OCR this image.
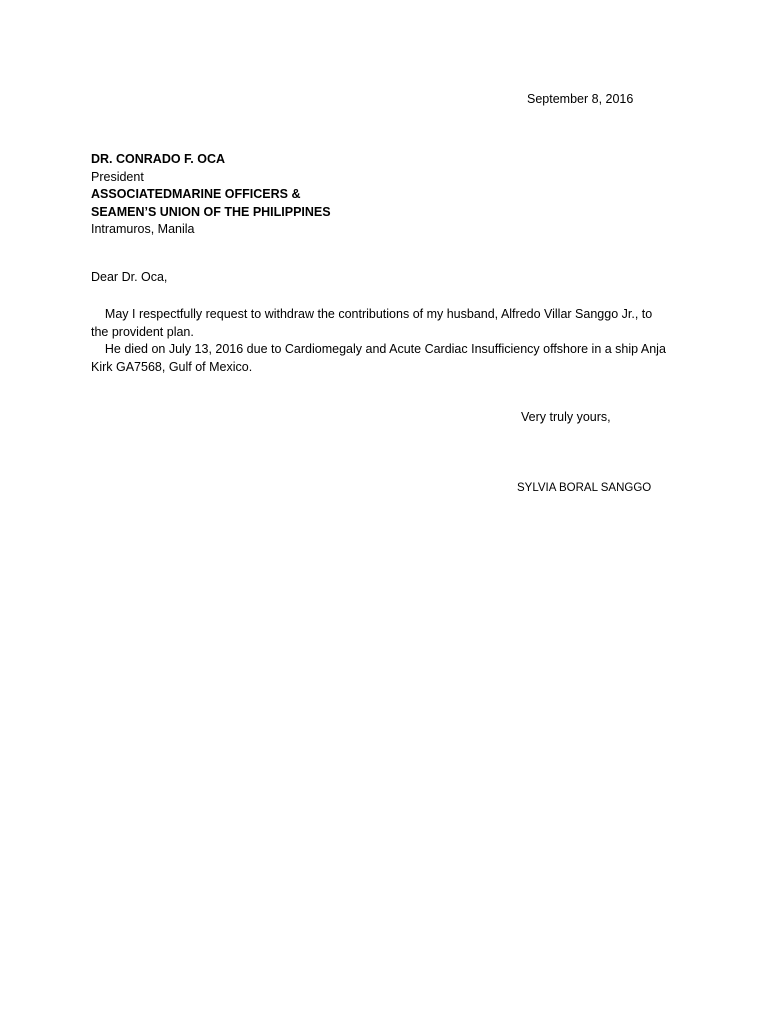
September 8, 2016
DR. CONRADO F. OCA
President
ASSOCIATEDMARINE OFFICERS &
SEAMEN’S UNION OF THE PHILIPPINES
Intramuros, Manila
Dear Dr. Oca,
May I respectfully request to withdraw the contributions of my husband, Alfredo Villar Sanggo Jr., to
the provident plan.
He died on July 13, 2016 due to Cardiomegaly and Acute Cardiac Insufficiency offshore in a ship Anja
Kirk GA7568, Gulf of Mexico.
Very truly yours,
SYLVIA BORAL SANGGO
